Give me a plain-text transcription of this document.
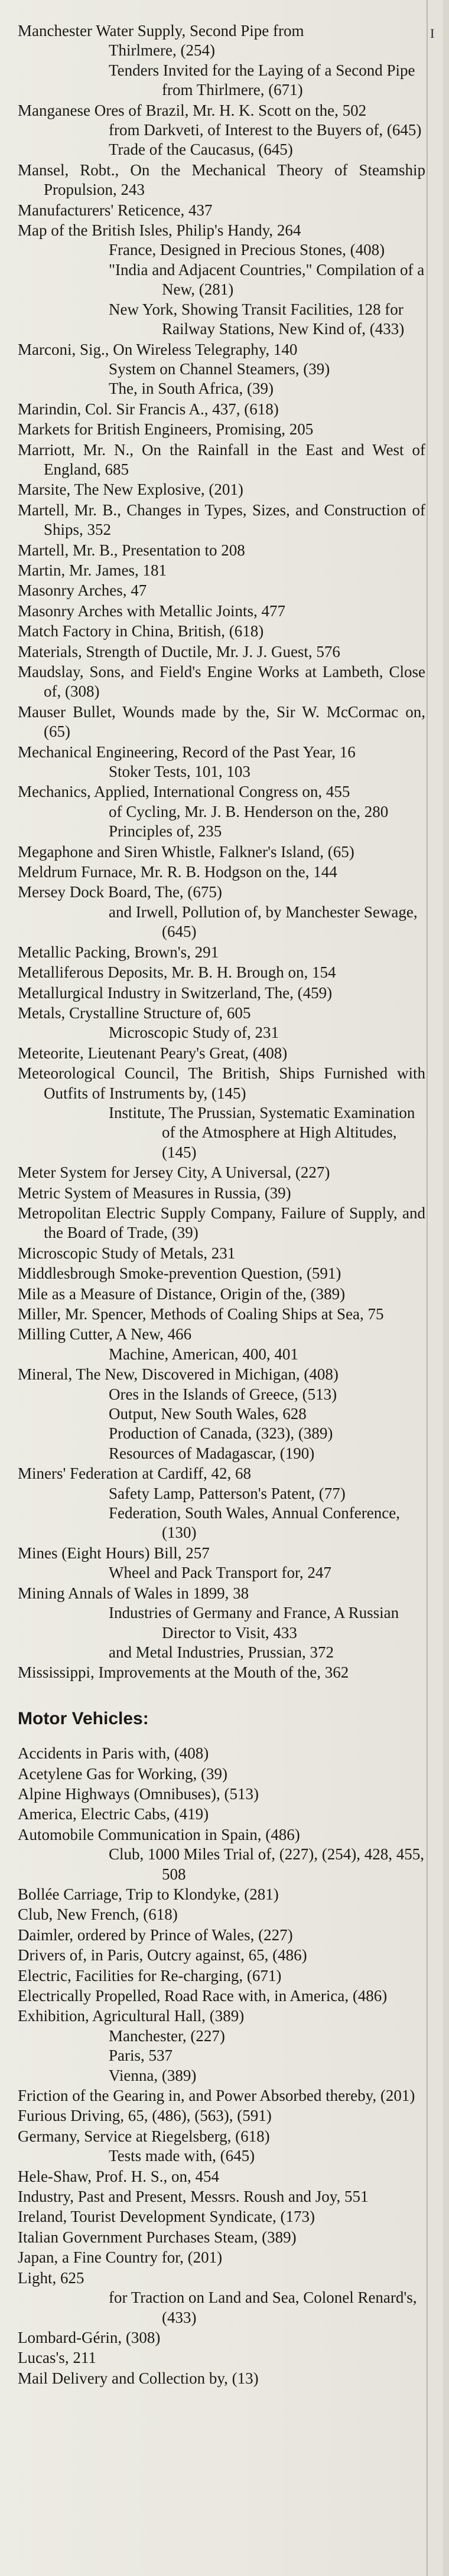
I
Manchester Water Supply, Second Pipe from
Thirlmere, (254)
Tenders Invited for the Laying of a Second Pipe from Thirlmere, (671)
Manganese Ores of Brazil, Mr. H. K. Scott on the, 502
from Darkveti, of Interest to the Buyers of, (645)
Trade of the Caucasus, (645)
Mansel, Robt., On the Mechanical Theory of Steamship Propulsion, 243
Manufacturers' Reticence, 437
Map of the British Isles, Philip's Handy, 264
France, Designed in Precious Stones, (408)
"India and Adjacent Countries," Compilation of a New, (281)
New York, Showing Transit Facilities, 128 for Railway Stations, New Kind of, (433)
Marconi, Sig., On Wireless Telegraphy, 140
System on Channel Steamers, (39)
The, in South Africa, (39)
Marindin, Col. Sir Francis A., 437, (618)
Markets for British Engineers, Promising, 205
Marriott, Mr. N., On the Rainfall in the East and West of England, 685
Marsite, The New Explosive, (201)
Martell, Mr. B., Changes in Types, Sizes, and Construction of Ships, 352
Martell, Mr. B., Presentation to 208
Martin, Mr. James, 181
Masonry Arches, 47
Masonry Arches with Metallic Joints, 477
Match Factory in China, British, (618)
Materials, Strength of Ductile, Mr. J. J. Guest, 576
Maudslay, Sons, and Field's Engine Works at Lambeth, Close of, (308)
Mauser Bullet, Wounds made by the, Sir W. McCormac on, (65)
Mechanical Engineering, Record of the Past Year, 16
Stoker Tests, 101, 103
Mechanics, Applied, International Congress on, 455
of Cycling, Mr. J. B. Henderson on the, 280
Principles of, 235
Megaphone and Siren Whistle, Falkner's Island, (65)
Meldrum Furnace, Mr. R. B. Hodgson on the, 144
Mersey Dock Board, The, (675)
and Irwell, Pollution of, by Manchester Sewage, (645)
Metallic Packing, Brown's, 291
Metalliferous Deposits, Mr. B. H. Brough on, 154
Metallurgical Industry in Switzerland, The, (459)
Metals, Crystalline Structure of, 605
Microscopic Study of, 231
Meteorite, Lieutenant Peary's Great, (408)
Meteorological Council, The British, Ships Furnished with Outfits of Instruments by, (145)
Institute, The Prussian, Systematic Examination of the Atmosphere at High Altitudes, (145)
Meter System for Jersey City, A Universal, (227)
Metric System of Measures in Russia, (39)
Metropolitan Electric Supply Company, Failure of Supply, and the Board of Trade, (39)
Microscopic Study of Metals, 231
Middlesbrough Smoke-prevention Question, (591)
Mile as a Measure of Distance, Origin of the, (389)
Miller, Mr. Spencer, Methods of Coaling Ships at Sea, 75
Milling Cutter, A New, 466
Machine, American, 400, 401
Mineral, The New, Discovered in Michigan, (408)
Ores in the Islands of Greece, (513)
Output, New South Wales, 628
Production of Canada, (323), (389)
Resources of Madagascar, (190)
Miners' Federation at Cardiff, 42, 68
Safety Lamp, Patterson's Patent, (77)
Federation, South Wales, Annual Conference, (130)
Mines (Eight Hours) Bill, 257
Wheel and Pack Transport for, 247
Mining Annals of Wales in 1899, 38
Industries of Germany and France, A Russian Director to Visit, 433
and Metal Industries, Prussian, 372
Mississippi, Improvements at the Mouth of the, 362
Motor Vehicles:
Accidents in Paris with, (408)
Acetylene Gas for Working, (39)
Alpine Highways (Omnibuses), (513)
America, Electric Cabs, (419)
Automobile Communication in Spain, (486)
Club, 1000 Miles Trial of, (227), (254), 428, 455, 508
Bollée Carriage, Trip to Klondyke, (281)
Club, New French, (618)
Daimler, ordered by Prince of Wales, (227)
Drivers of, in Paris, Outcry against, 65, (486)
Electric, Facilities for Re-charging, (671)
Electrically Propelled, Road Race with, in America, (486)
Exhibition, Agricultural Hall, (389)
Manchester, (227)
Paris, 537
Vienna, (389)
Friction of the Gearing in, and Power Absorbed thereby, (201)
Furious Driving, 65, (486), (563), (591)
Germany, Service at Riegelsberg, (618)
Tests made with, (645)
Hele-Shaw, Prof. H. S., on, 454
Industry, Past and Present, Messrs. Roush and Joy, 551
Ireland, Tourist Development Syndicate, (173)
Italian Government Purchases Steam, (389)
Japan, a Fine Country for, (201)
Light, 625
for Traction on Land and Sea, Colonel Renard's, (433)
Lombard-Gérin, (308)
Lucas's, 211
Mail Delivery and Collection by, (13)
